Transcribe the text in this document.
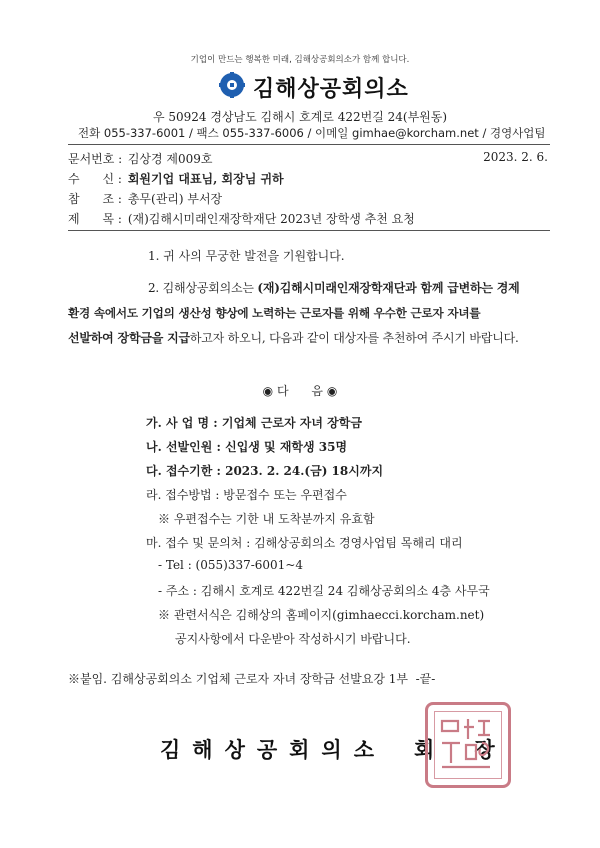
기업이 만드는 행복한 미래, 김해상공회의소가 함께 합니다.
김해상공회의소
우 50924 경상남도 김해시 호계로 422번길 24(부원동)
전화 055-337-6001 / 팩스 055-337-6006 / 이메일 gimhae@korcham.net / 경영사업팀
문서번호 : 김상경 제009호	2023. 2. 6.
수      신 : 회원기업 대표님, 회장님 귀하
참      조 : 총무(관리) 부서장
제      목 : (재)김해시미래인재장학재단 2023년 장학생 추천 요청
1. 귀 사의 무궁한 발전을 기원합니다.
2. 김해상공회의소는 (재)김해시미래인재장학재단과 함께 급변하는 경제
환경 속에서도 기업의 생산성 향상에 노력하는 근로자를 위해 우수한 근로자 자녀를
선발하여 장학금을 지급하고자 하오니, 다음과 같이 대상자를 추천하여 주시기 바랍니다.
◉ 다      음 ◉
가. 사 업 명 : 기업체 근로자 자녀 장학금
나. 선발인원 : 신입생 및 재학생 35명
다. 접수기한 : 2023. 2. 24.(금) 18시까지
라. 접수방법 : 방문접수 또는 우편접수
※ 우편접수는 기한 내 도착분까지 유효함
마. 접수 및 문의처 : 김해상공회의소 경영사업팀 목해리 대리
- Tel : (055)337-6001~4
- 주소 : 김해시 호계로 422번길 24 김해상공회의소 4층 사무국
※ 관련서식은 김해상의 홈페이지(gimhaecci.korcham.net)
공지사항에서 다운받아 작성하시기 바랍니다.
※붙임. 김해상공회의소 기업체 근로자 자녀 장학금 선발요강 1부  -끝-
김해상공회의소 회 장
